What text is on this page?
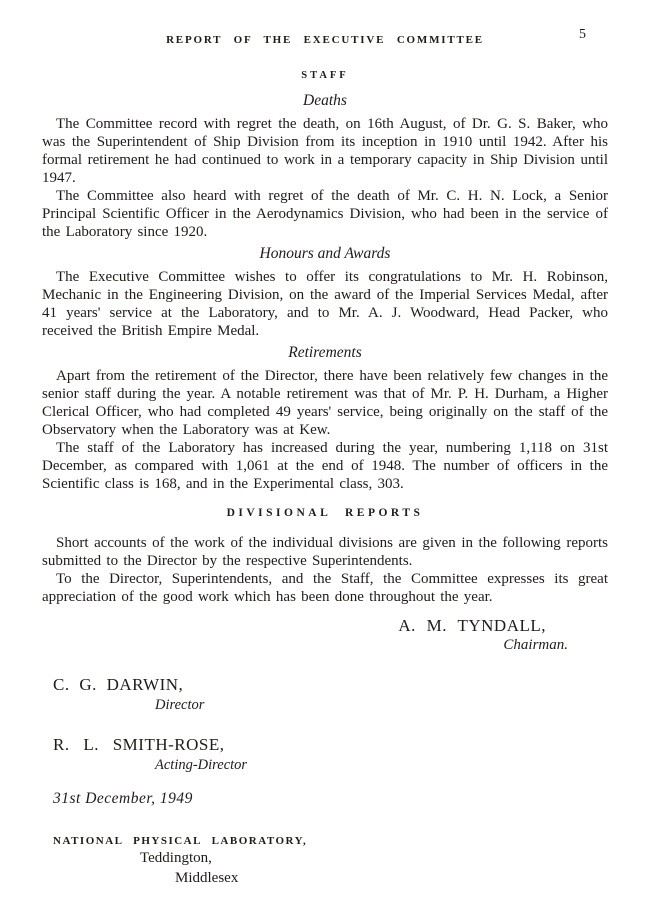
REPORT OF THE EXECUTIVE COMMITTEE	5
STAFF
Deaths

The Committee record with regret the death, on 16th August, of Dr. G. S. Baker, who was the Superintendent of Ship Division from its inception in 1910 until 1942. After his formal retirement he had continued to work in a temporary capacity in Ship Division until 1947.

The Committee also heard with regret of the death of Mr. C. H. N. Lock, a Senior Principal Scientific Officer in the Aerodynamics Division, who had been in the service of the Laboratory since 1920.

Honours and Awards

The Executive Committee wishes to offer its congratulations to Mr. H. Robinson, Mechanic in the Engineering Division, on the award of the Imperial Services Medal, after 41 years' service at the Laboratory, and to Mr. A. J. Woodward, Head Packer, who received the British Empire Medal.

Retirements

Apart from the retirement of the Director, there have been relatively few changes in the senior staff during the year. A notable retirement was that of Mr. P. H. Durham, a Higher Clerical Officer, who had completed 49 years' service, being originally on the staff of the Observatory when the Laboratory was at Kew.

The staff of the Laboratory has increased during the year, numbering 1,118 on 31st December, as compared with 1,061 at the end of 1948. The number of officers in the Scientific class is 168, and in the Experimental class, 303.

DIVISIONAL REPORTS

Short accounts of the work of the individual divisions are given in the following reports submitted to the Director by the respective Superintendents.

To the Director, Superintendents, and the Staff, the Committee expresses its great appreciation of the good work which has been done throughout the year.

A. M. TYNDALL,
Chairman.
C. G. DARWIN,
Director
R. L. SMITH-ROSE,
Acting-Director
31st December, 1949
NATIONAL PHYSICAL LABORATORY,
Teddington,
Middlesex
